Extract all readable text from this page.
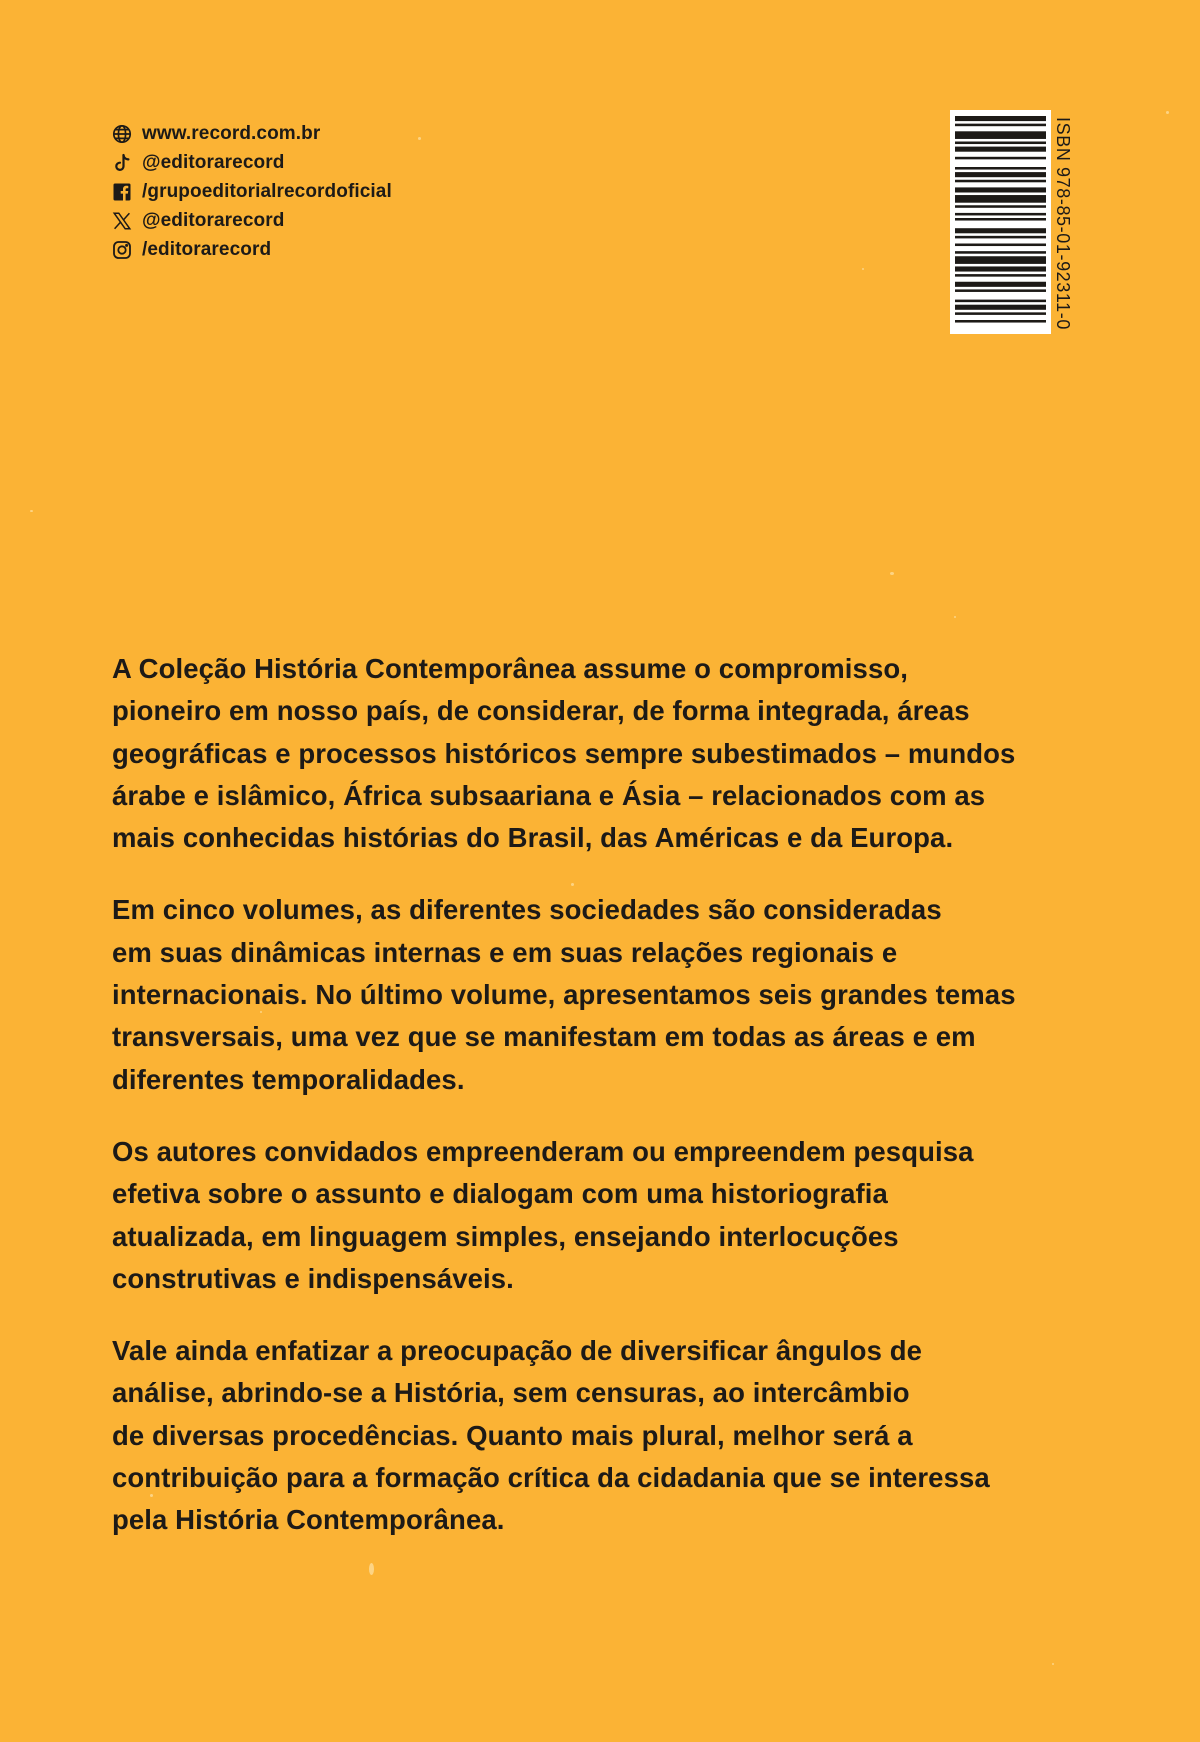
www.record.com.br
@editorarecord
/grupoeditorialrecordoficial
@editorarecord
/editorarecord	ISBN 978-85-01-92311-0

A Coleção História Contemporânea assume o compromisso,
pioneiro em nosso país, de considerar, de forma integrada, áreas
geográficas e processos históricos sempre subestimados – mundos
árabe e islâmico, África subsaariana e Ásia – relacionados com as
mais conhecidas histórias do Brasil, das Américas e da Europa.

Em cinco volumes, as diferentes sociedades são consideradas
em suas dinâmicas internas e em suas relações regionais e
internacionais. No último volume, apresentamos seis grandes temas
transversais, uma vez que se manifestam em todas as áreas e em
diferentes temporalidades.

Os autores convidados empreenderam ou empreendem pesquisa
efetiva sobre o assunto e dialogam com uma historiografia
atualizada, em linguagem simples, ensejando interlocuções
construtivas e indispensáveis.

Vale ainda enfatizar a preocupação de diversificar ângulos de
análise, abrindo-se a História, sem censuras, ao intercâmbio
de diversas procedências. Quanto mais plural, melhor será a
contribuição para a formação crítica da cidadania que se interessa
pela História Contemporânea.
